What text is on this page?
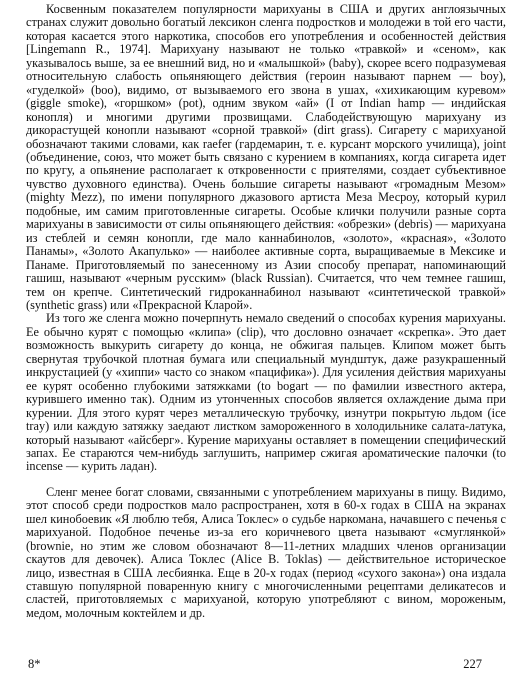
Косвенным показателем популярности марихуаны в США и других англоязычных странах служит довольно богатый лексикон сленга подростков и молодежи в той его части, которая касается этого наркотика, способов его употребления и особенностей действия [Lingemann R., 1974]. Марихуану называют не только «травкой» и «сеном», как указывалось выше, за ее внешний вид, но и «малышкой» (baby), скорее всего подразумевая относительную слабость опьяняющего действия (героин называют парнем — boy), «гуделкой» (boo), видимо, от вызываемого его звона в ушах, «хихикающим куревом» (giggle smoke), «горшком» (pot), одним звуком «ай» (I от Indian hamp — индийская конопля) и многими другими прозвищами. Слабодействующую марихуану из дикорастущей конопли называют «сорной травкой» (dirt grass). Сигарету с марихуаной обозначают такими словами, как raefer (гардемарин, т. е. курсант морского училища), joint (объединение, союз, что может быть связано с курением в компаниях, когда сигарета идет по кругу, а опьянение располагает к откровенности с приятелями, создает субъективное чувство духовного единства). Очень большие сигареты называют «громадным Мезом» (mighty Mezz), по имени популярного джазового артиста Меза Месроу, который курил подобные, им самим приготовленные сигареты. Особые клички получили разные сорта марихуаны в зависимости от силы опьяняющего действия: «обрезки» (debris) — марихуана из стеблей и семян конопли, где мало каннабинолов, «золото», «красная», «Золото Панамы», «Золото Акапулько» — наиболее активные сорта, выращиваемые в Мексике и Панаме. Приготовляемый по занесенному из Азии способу препарат, напоминающий гашиш, называют «черным русским» (black Russian). Считается, что чем темнее гашиш, тем он крепче. Синтетический гидроканнабинол называют «синтетической травкой» (synthetic grass) или «Прекрасной Кларой».

Из того же сленга можно почерпнуть немало сведений о способах курения марихуаны. Ее обычно курят с помощью «клипа» (clip), что дословно означает «скрепка». Это дает возможность выкурить сигарету до конца, не обжигая пальцев. Клипом может быть свернутая трубочкой плотная бумага или специальный мундштук, даже разукрашенный инкрустацией (у «хиппи» часто со знаком «пацифика»). Для усиления действия марихуаны ее курят особенно глубокими затяжками (to bogart — по фамилии известного актера, курившего именно так). Одним из утонченных способов является охлаждение дыма при курении. Для этого курят через металлическую трубочку, изнутри покрытую льдом (ice tray) или каждую затяжку заедают листком замороженного в холодильнике салата-латука, который называют «айсберг». Курение марихуаны оставляет в помещении специфический запах. Ее стараются чем-нибудь заглушить, например сжигая ароматические палочки (to incense — курить ладан).

Сленг менее богат словами, связанными с употреблением марихуаны в пищу. Видимо, этот способ среди подростков мало распространен, хотя в 60-х годах в США на экранах шел кинобоевик «Я люблю тебя, Алиса Токлес» о судьбе наркомана, начавшего с печенья с марихуаной. Подобное печенье из-за его коричневого цвета называют «смуглянкой» (brownie, но этим же словом обозначают 8—11-летних младших членов организации скаутов для девочек). Алиса Токлес (Alice B. Toklas) — действительное историческое лицо, известная в США лесбиянка. Еще в 20-х годах (период «сухого закона») она издала ставшую популярной поваренную книгу с многочисленными рецептами деликатесов и сластей, приготовляемых с марихуаной, которую употребляют с вином, мороженым, медом, молочным коктейлем и др.

8*	227
